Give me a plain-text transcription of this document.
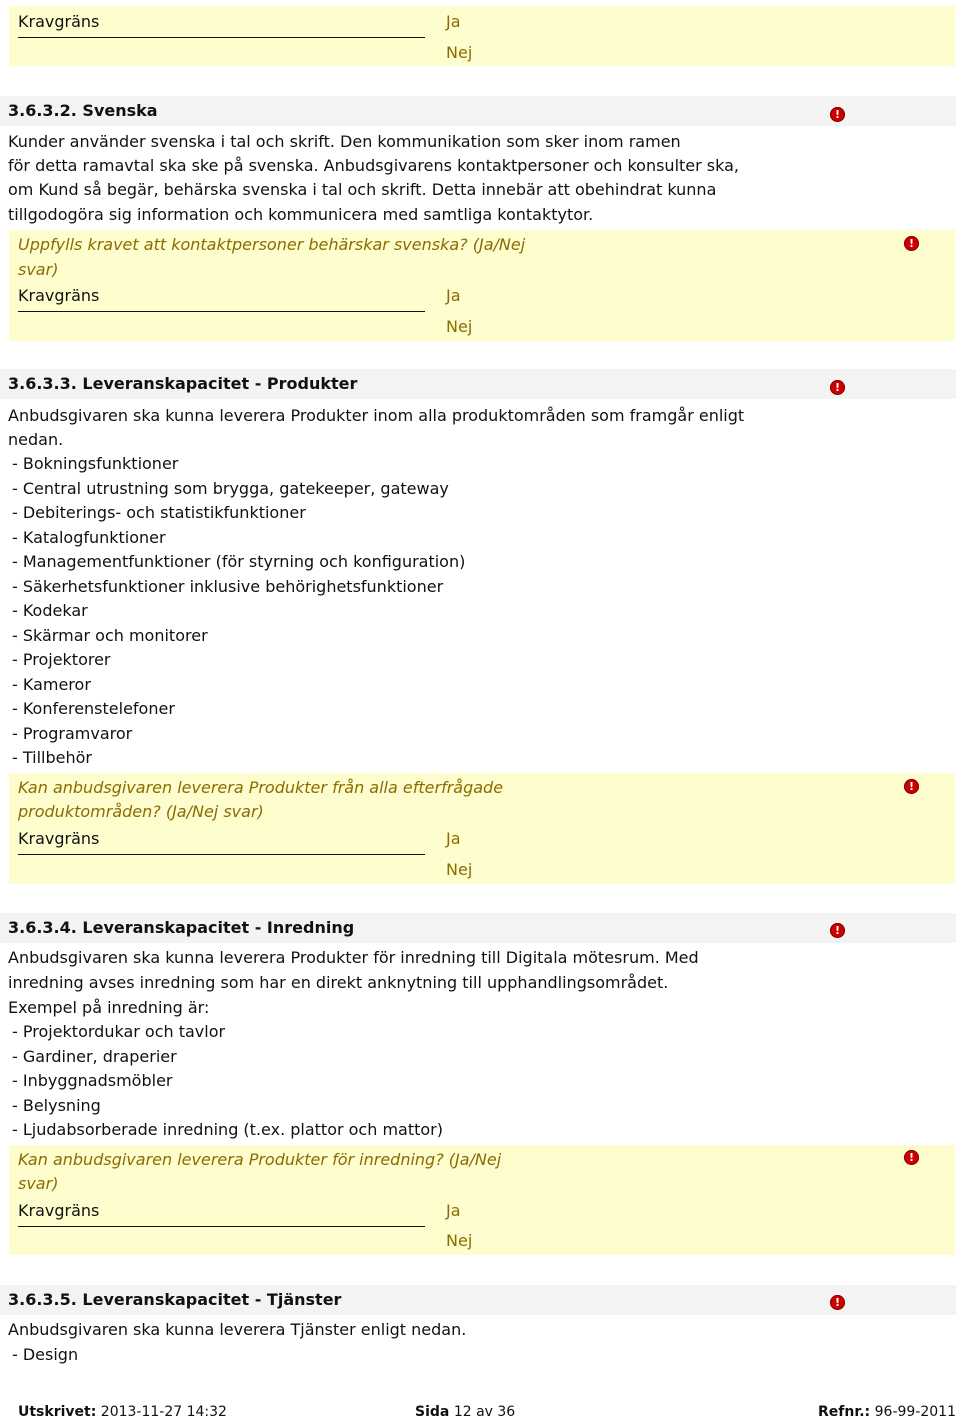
Kravgräns	Ja
Nej
3.6.3.2. Svenska	!
Kunder använder svenska i tal och skrift. Den kommunikation som sker inom ramen
för detta ramavtal ska ske på svenska. Anbudsgivarens kontaktpersoner och konsulter ska,
om Kund så begär, behärska svenska i tal och skrift. Detta innebär att obehindrat kunna
tillgodogöra sig information och kommunicera med samtliga kontaktytor.
Uppfylls kravet att kontaktpersoner behärskar svenska? (Ja/Nej
svar)
!
Kravgräns	Ja
Nej
3.6.3.3. Leveranskapacitet - Produkter	!
Anbudsgivaren ska kunna leverera Produkter inom alla produktområden som framgår enligt
nedan.
- Bokningsfunktioner
- Central utrustning som brygga, gatekeeper, gateway
- Debiterings- och statistikfunktioner
- Katalogfunktioner
- Managementfunktioner (för styrning och konfiguration)
- Säkerhetsfunktioner inklusive behörighetsfunktioner
- Kodekar
- Skärmar och monitorer
- Projektorer
- Kameror
- Konferenstelefoner
- Programvaror
- Tillbehör
Kan anbudsgivaren leverera Produkter från alla efterfrågade
produktområden? (Ja/Nej svar)
!
Kravgräns	Ja
Nej
3.6.3.4. Leveranskapacitet - Inredning	!
Anbudsgivaren ska kunna leverera Produkter för inredning till Digitala mötesrum. Med
inredning avses inredning som har en direkt anknytning till upphandlingsområdet.
Exempel på inredning är:
- Projektordukar och tavlor
- Gardiner, draperier
- Inbyggnadsmöbler
- Belysning
- Ljudabsorberade inredning (t.ex. plattor och mattor)
Kan anbudsgivaren leverera Produkter för inredning? (Ja/Nej
svar)
!
Kravgräns	Ja
Nej
3.6.3.5. Leveranskapacitet - Tjänster	!
Anbudsgivaren ska kunna leverera Tjänster enligt nedan.
- Design
Utskrivet: 2013-11-27 14:32	Sida 12 av 36	Refnr.: 96-99-2011
